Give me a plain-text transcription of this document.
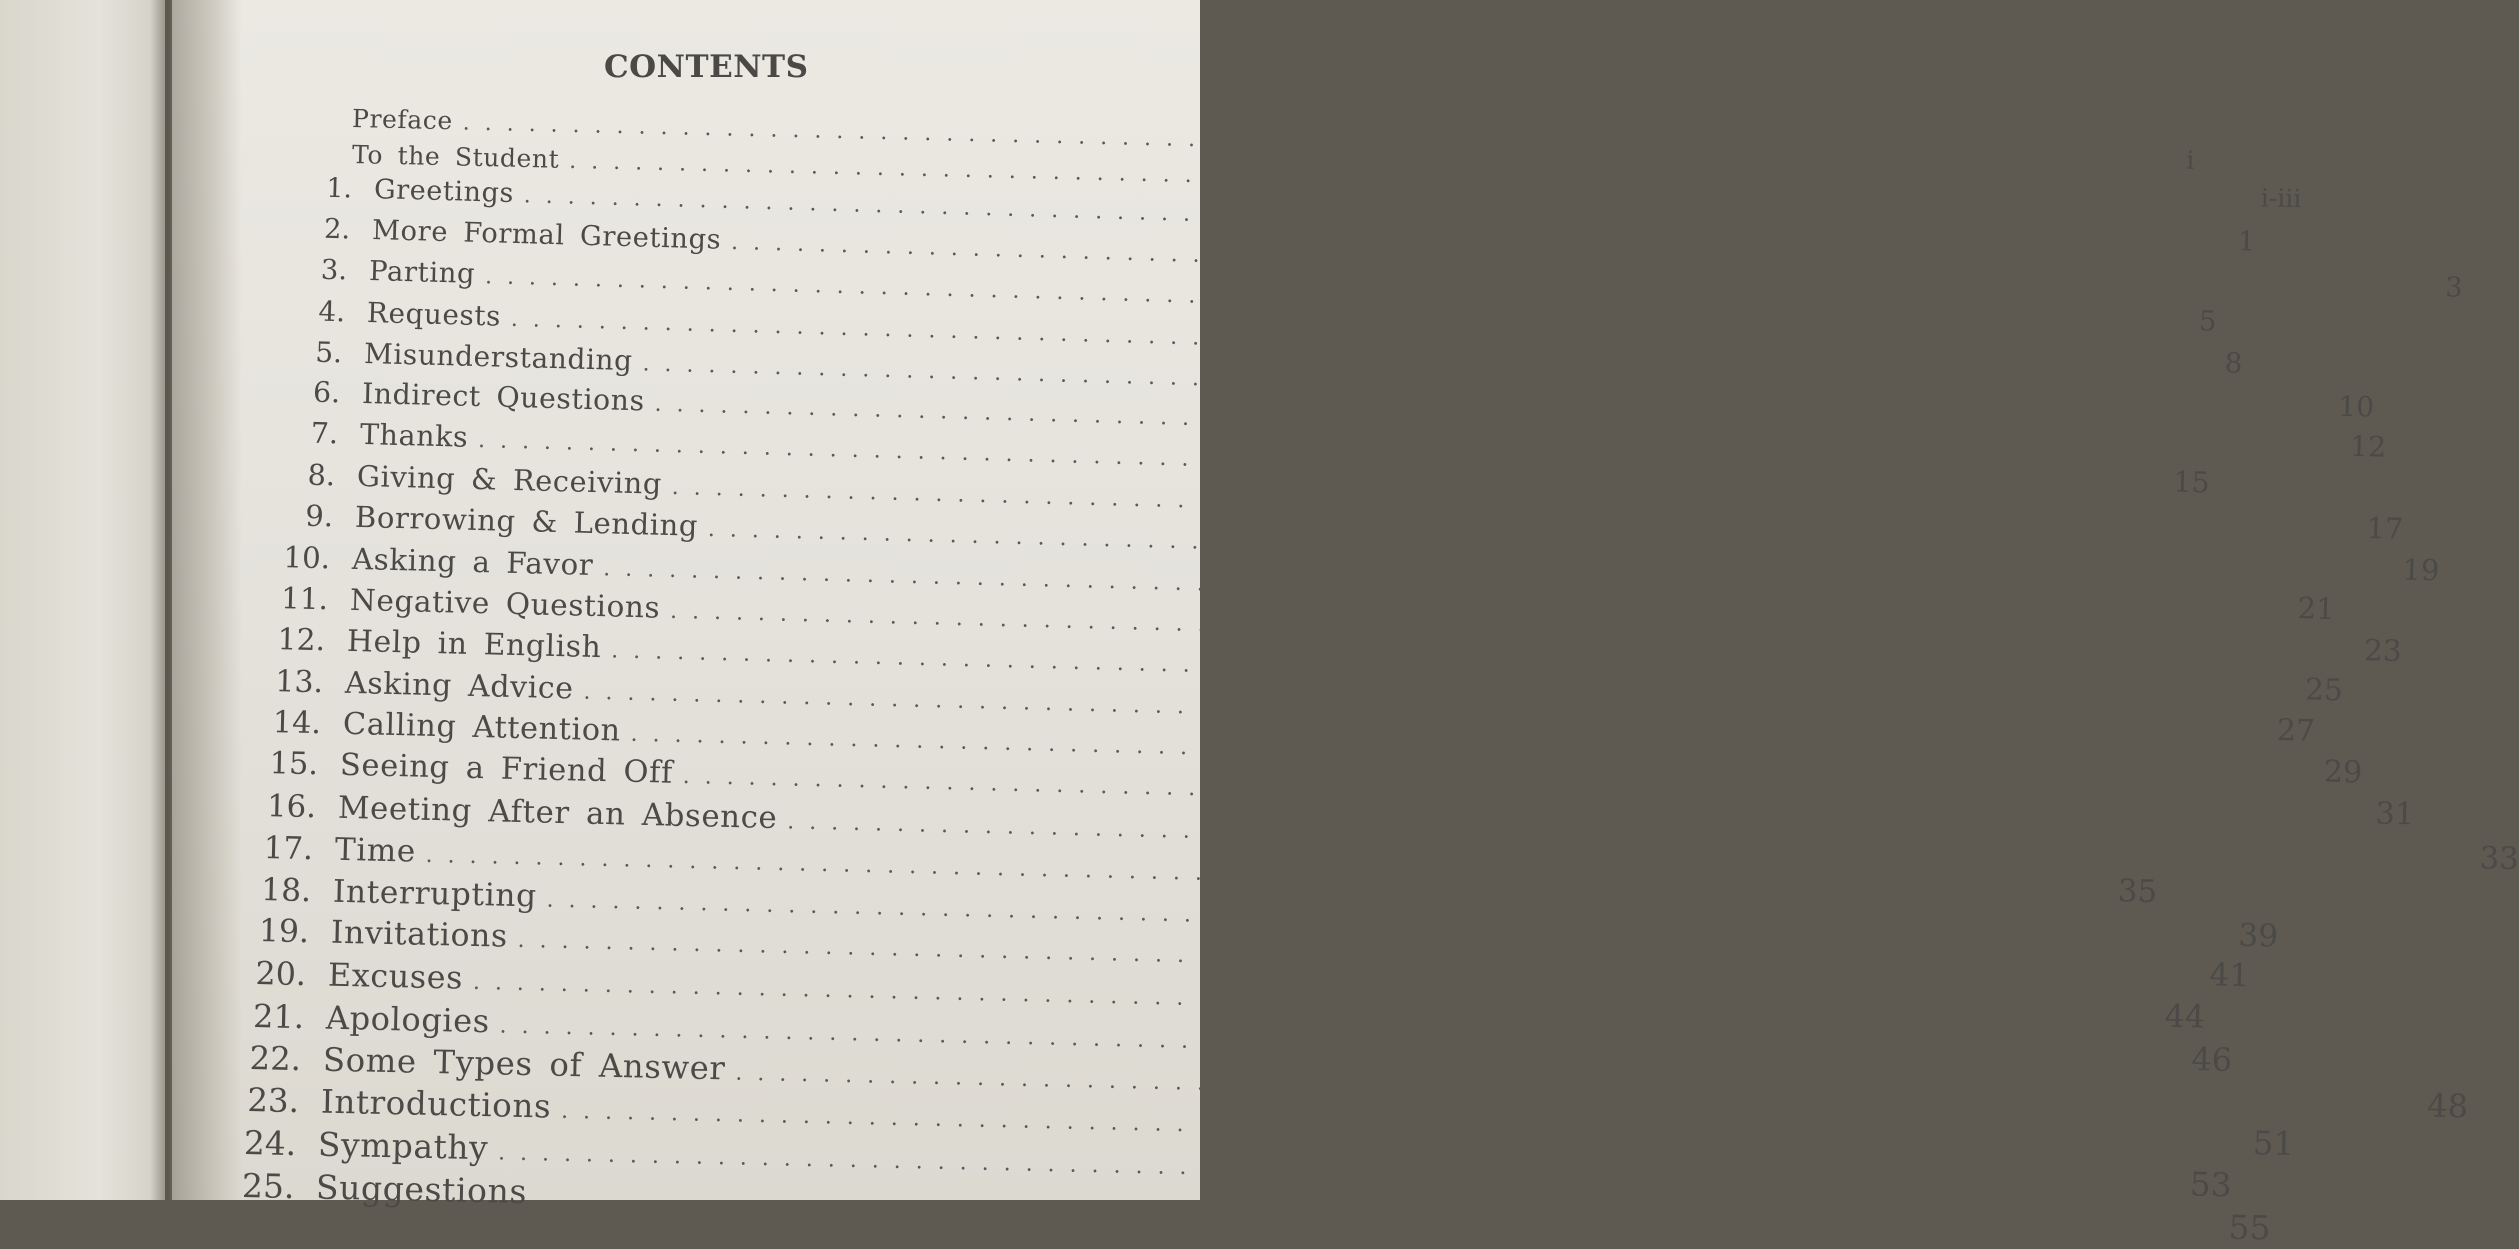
CONTENTS
Preface
. . .
i
To the Student
. . .
i-iii
1. Greetings
. . .
1
2. More Formal Greetings
. . .
3
3. Parting
. . .
5
4. Requests
. . .
8
5. Misunderstanding
. . .
10
6. Indirect Questions
. . .
12
7. Thanks
. . .
15
8. Giving & Receiving
. . .
17
9. Borrowing & Lending
. . .
19
10. Asking a Favor
. . .
21
11. Negative Questions
. . .
23
12. Help in English
. . .
25
13. Asking Advice
. . .
27
14. Calling Attention
. . .
29
15. Seeing a Friend Off
. . .
31
16. Meeting After an Absence
. . .
33
17. Time
. . .
35
18. Interrupting
. . .
39
19. Invitations
. . .
41
20. Excuses
. . .
44
21. Apologies
. . .
46
22. Some Types of Answer
. . .
48
23. Introductions
. . .
51
24. Sympathy
. . .
53
25. Suggestions
. . .
55
